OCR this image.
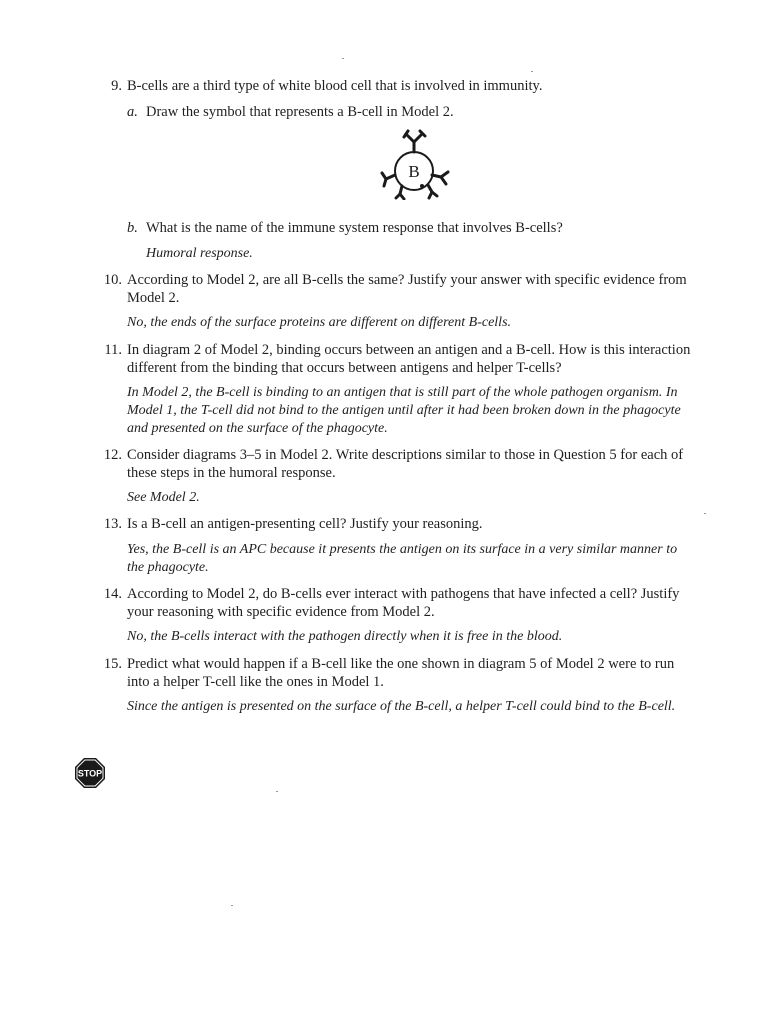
9. B-cells are a third type of white blood cell that is involved in immunity.
a. Draw the symbol that represents a B-cell in Model 2.
B
b. What is the name of the immune system response that involves B-cells?
Humoral response.
10. According to Model 2, are all B-cells the same? Justify your answer with specific evidence from Model 2.
No, the ends of the surface proteins are different on different B-cells.
11. In diagram 2 of Model 2, binding occurs between an antigen and a B-cell. How is this interaction different from the binding that occurs between antigens and helper T-cells?
In Model 2, the B-cell is binding to an antigen that is still part of the whole pathogen organism. In Model 1, the T-cell did not bind to the antigen until after it had been broken down in the phagocyte and presented on the surface of the phagocyte.
12. Consider diagrams 3–5 in Model 2. Write descriptions similar to those in Question 5 for each of these steps in the humoral response.
See Model 2.
13. Is a B-cell an antigen-presenting cell? Justify your reasoning.
Yes, the B-cell is an APC because it presents the antigen on its surface in a very similar manner to the phagocyte.
14. According to Model 2, do B-cells ever interact with pathogens that have infected a cell? Justify your reasoning with specific evidence from Model 2.
No, the B-cells interact with the pathogen directly when it is free in the blood.
15. Predict what would happen if a B-cell like the one shown in diagram 5 of Model 2 were to run into a helper T-cell like the ones in Model 1.
Since the antigen is presented on the surface of the B-cell, a helper T-cell could bind to the B-cell.
STOP
